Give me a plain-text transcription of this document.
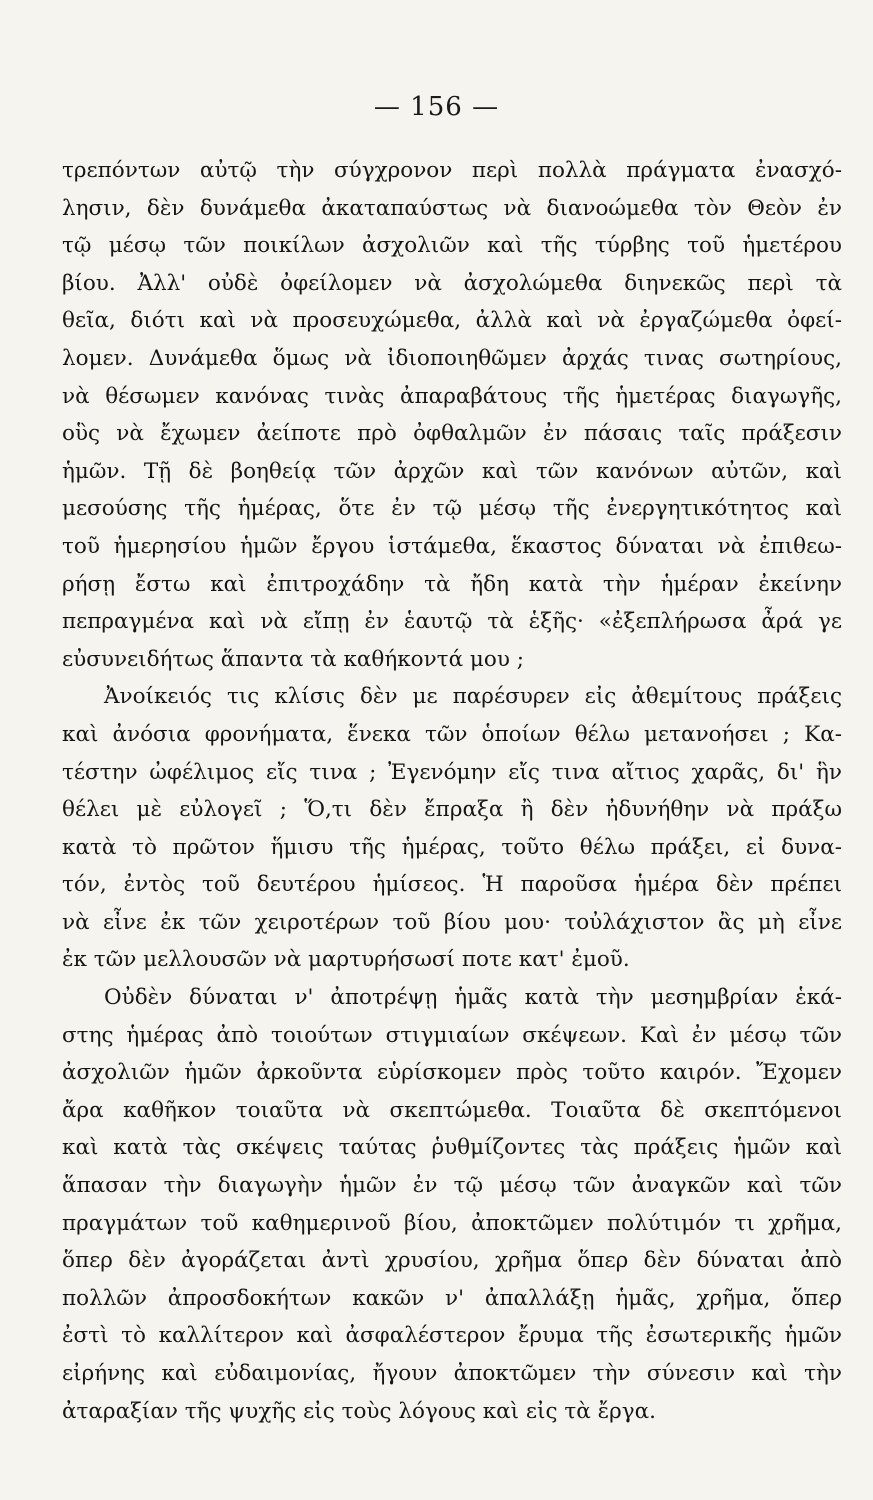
— 156 —
τρεπόντων αὐτῷ τὴν σύγχρονον περὶ πολλὰ πράγματα ἐνασχό-
λησιν, δὲν δυνάμεθα ἀκαταπαύστως νὰ διανοώμεθα τὸν Θεὸν ἐν
τῷ μέσῳ τῶν ποικίλων ἀσχολιῶν καὶ τῆς τύρβης τοῦ ἡμετέρου
βίου. Ἀλλ' οὐδὲ ὀφείλομεν νὰ ἀσχολώμεθα διηνεκῶς περὶ τὰ
θεῖα, διότι καὶ νὰ προσευχώμεθα, ἀλλὰ καὶ νὰ ἐργαζώμεθα ὀφεί-
λομεν. Δυνάμεθα ὅμως νὰ ἰδιοποιηθῶμεν ἀρχάς τινας σωτηρίους,
νὰ θέσωμεν κανόνας τινὰς ἀπαραβάτους τῆς ἡμετέρας διαγωγῆς,
οὓς νὰ ἔχωμεν ἀείποτε πρὸ ὀφθαλμῶν ἐν πάσαις ταῖς πράξεσιν
ἡμῶν. Τῇ δὲ βοηθείᾳ τῶν ἀρχῶν καὶ τῶν κανόνων αὐτῶν, καὶ
μεσούσης τῆς ἡμέρας, ὅτε ἐν τῷ μέσῳ τῆς ἐνεργητικότητος καὶ
τοῦ ἡμερησίου ἡμῶν ἔργου ἱστάμεθα, ἕκαστος δύναται νὰ ἐπιθεω-
ρήσῃ ἔστω καὶ ἐπιτροχάδην τὰ ἤδη κατὰ τὴν ἡμέραν ἐκείνην
πεπραγμένα καὶ νὰ εἴπῃ ἐν ἑαυτῷ τὰ ἑξῆς· «ἐξεπλήρωσα ἆρά γε
εὐσυνειδήτως ἅπαντα τὰ καθήκοντά μου ;
Ἀνοίκειός τις κλίσις δὲν με παρέσυρεν εἰς ἀθεμίτους πράξεις
καὶ ἀνόσια φρονήματα, ἕνεκα τῶν ὁποίων θέλω μετανοήσει ; Κα-
τέστην ὠφέλιμος εἴς τινα ; Ἐγενόμην εἴς τινα αἴτιος χαρᾶς, δι' ἣν
θέλει μὲ εὐλογεῖ ; Ὅ,τι δὲν ἔπραξα ἢ δὲν ἠδυνήθην νὰ πράξω
κατὰ τὸ πρῶτον ἥμισυ τῆς ἡμέρας, τοῦτο θέλω πράξει, εἰ δυνα-
τόν, ἐντὸς τοῦ δευτέρου ἡμίσεος. Ἡ παροῦσα ἡμέρα δὲν πρέπει
νὰ εἶνε ἐκ τῶν χειροτέρων τοῦ βίου μου· τοὐλάχιστον ἂς μὴ εἶνε
ἐκ τῶν μελλουσῶν νὰ μαρτυρήσωσί ποτε κατ' ἐμοῦ.
Οὐδὲν δύναται ν' ἀποτρέψῃ ἡμᾶς κατὰ τὴν μεσημβρίαν ἑκά-
στης ἡμέρας ἀπὸ τοιούτων στιγμιαίων σκέψεων. Καὶ ἐν μέσῳ τῶν
ἀσχολιῶν ἡμῶν ἀρκοῦντα εὑρίσκομεν πρὸς τοῦτο καιρόν. Ἔχομεν
ἄρα καθῆκον τοιαῦτα νὰ σκεπτώμεθα. Τοιαῦτα δὲ σκεπτόμενοι
καὶ κατὰ τὰς σκέψεις ταύτας ῥυθμίζοντες τὰς πράξεις ἡμῶν καὶ
ἅπασαν τὴν διαγωγὴν ἡμῶν ἐν τῷ μέσῳ τῶν ἀναγκῶν καὶ τῶν
πραγμάτων τοῦ καθημερινοῦ βίου, ἀποκτῶμεν πολύτιμόν τι χρῆμα,
ὅπερ δὲν ἀγοράζεται ἀντὶ χρυσίου, χρῆμα ὅπερ δὲν δύναται ἀπὸ
πολλῶν ἀπροσδοκήτων κακῶν ν' ἀπαλλάξῃ ἡμᾶς, χρῆμα, ὅπερ
ἐστὶ τὸ καλλίτερον καὶ ἀσφαλέστερον ἔρυμα τῆς ἐσωτερικῆς ἡμῶν
εἰρήνης καὶ εὐδαιμονίας, ἤγουν ἀποκτῶμεν τὴν σύνεσιν καὶ τὴν
ἀταραξίαν τῆς ψυχῆς εἰς τοὺς λόγους καὶ εἰς τὰ ἔργα.
